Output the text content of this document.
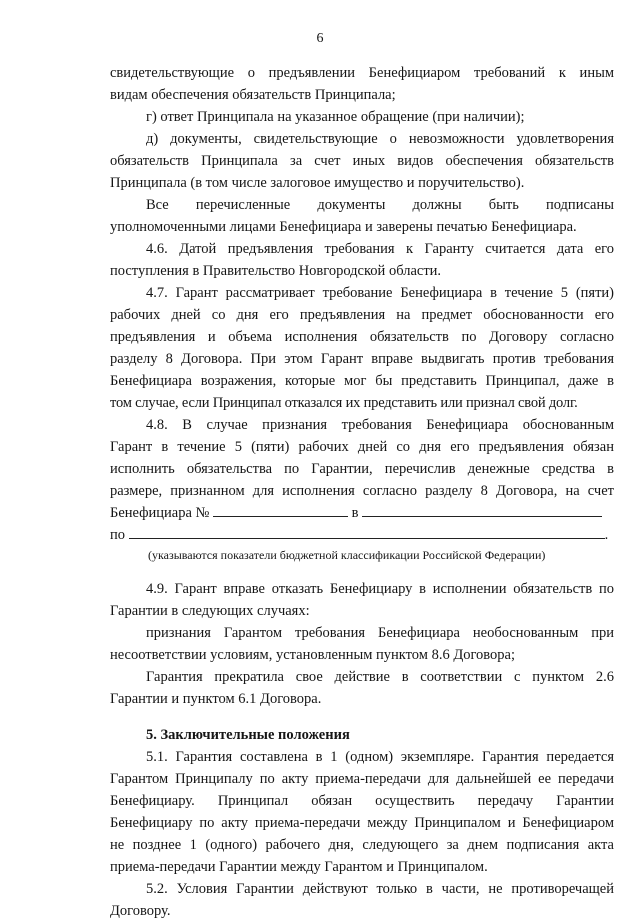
6
свидетельствующие о предъявлении Бенефициаром требований к иным
видам обеспечения обязательств Принципала;
г) ответ Принципала на указанное обращение (при наличии);
д) документы, свидетельствующие о невозможности удовлетворения
обязательств Принципала за счет иных видов обеспечения обязательств
Принципала (в том числе залоговое имущество и поручительство).
Все перечисленные документы должны быть подписаны
уполномоченными лицами Бенефициара и заверены печатью Бенефициара.
4.6. Датой предъявления требования к Гаранту считается дата его
поступления в Правительство Новгородской области.
4.7. Гарант рассматривает требование Бенефициара в течение 5 (пяти)
рабочих дней со дня его предъявления на предмет обоснованности его
предъявления и объема исполнения обязательств по Договору согласно
разделу 8 Договора. При этом Гарант вправе выдвигать против требования
Бенефициара возражения, которые мог бы представить Принципал, даже в
том случае, если Принципал отказался их представить или признал свой долг.
4.8. В случае признания требования Бенефициара обоснованным
Гарант в течение 5 (пяти) рабочих дней со дня его предъявления обязан
исполнить обязательства по Гарантии, перечислив денежные средства в
размере, признанном для исполнения согласно разделу 8 Договора, на счет
Бенефициара №	в
по	.
(указываются показатели бюджетной классификации Российской Федерации)
4.9. Гарант вправе отказать Бенефициару в исполнении обязательств по
Гарантии в следующих случаях:
признания Гарантом требования Бенефициара необоснованным при
несоответствии условиям, установленным пунктом 8.6 Договора;
Гарантия прекратила свое действие в соответствии с пунктом 2.6
Гарантии и пунктом 6.1 Договора.
5. Заключительные положения
5.1. Гарантия составлена в 1 (одном) экземпляре. Гарантия передается
Гарантом Принципалу по акту приема-передачи для дальнейшей ее передачи
Бенефициару. Принципал обязан осуществить передачу Гарантии
Бенефициару по акту приема-передачи между Принципалом и Бенефициаром
не позднее 1 (одного) рабочего дня, следующего за днем подписания акта
приема-передачи Гарантии между Гарантом и Принципалом.
5.2. Условия Гарантии действуют только в части, не противоречащей
Договору.
